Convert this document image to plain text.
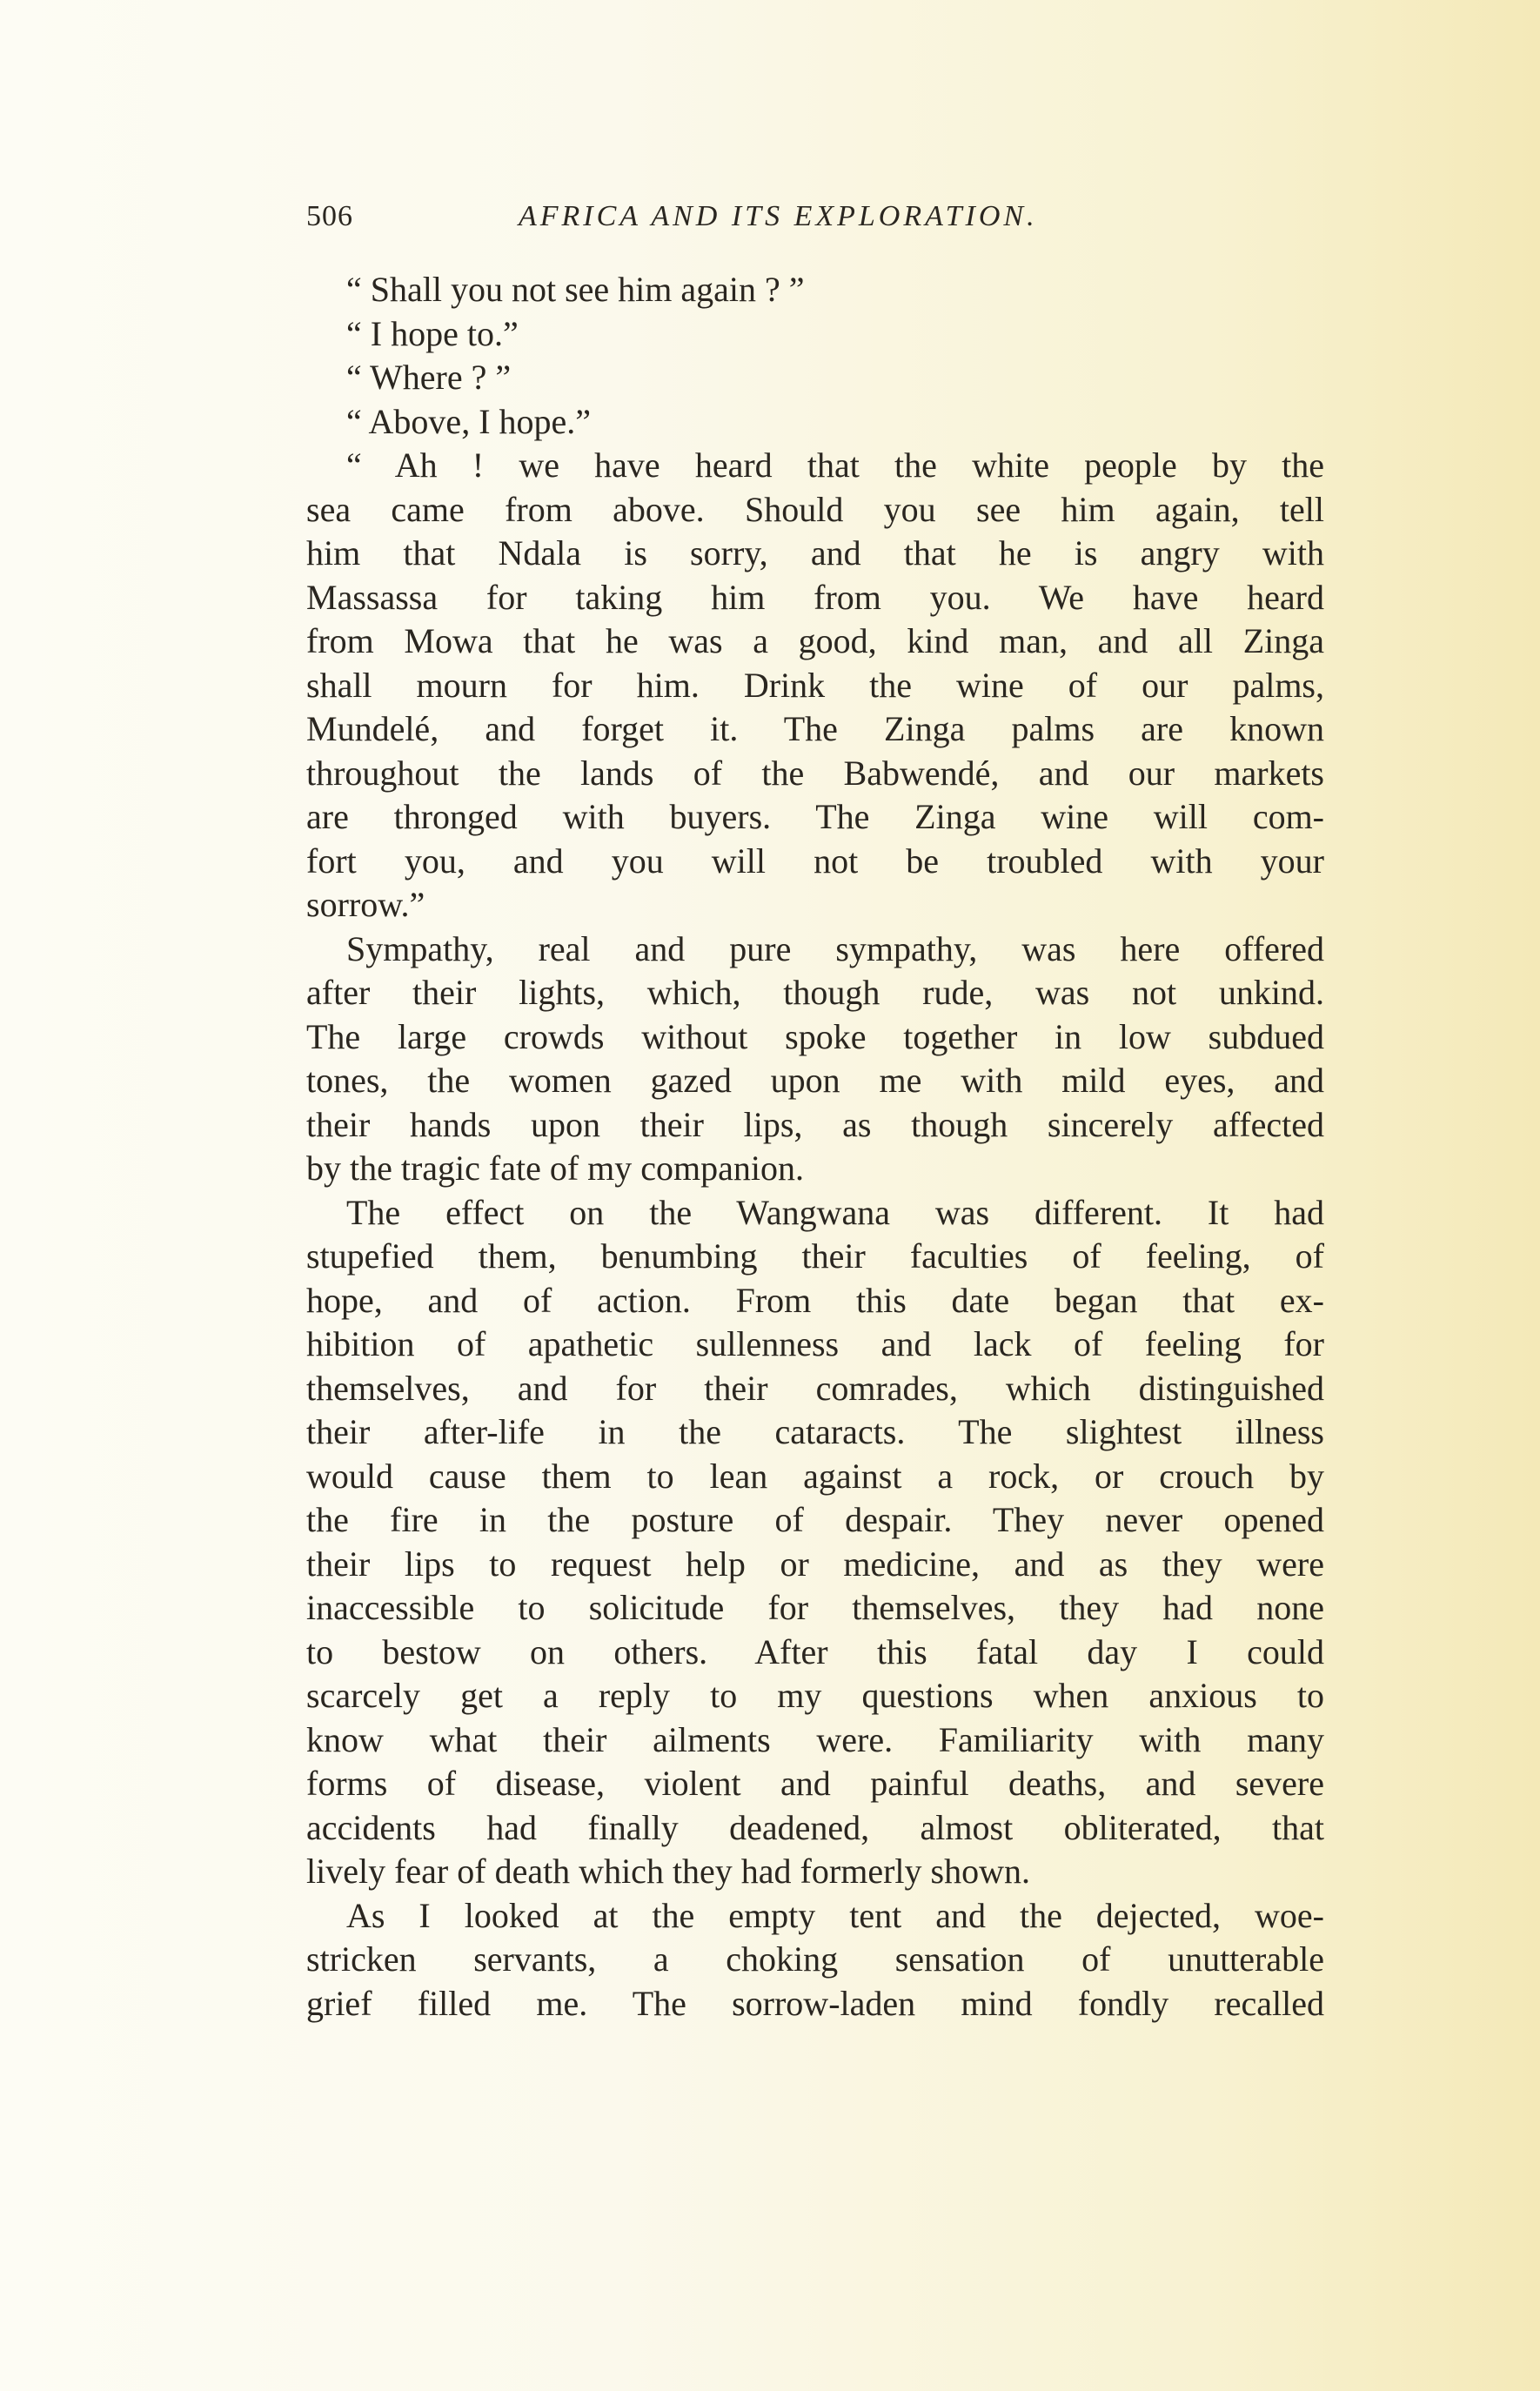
506	AFRICA AND ITS EXPLORATION.
“ Shall you not see him again ? ”
“ I hope to.”
“ Where ? ”
“ Above, I hope.”
“ Ah ! we have heard that the white people by the
sea came from above. Should you see him again, tell
him that Ndala is sorry, and that he is angry with
Massassa for taking him from you. We have heard
from Mowa that he was a good, kind man, and all Zinga
shall mourn for him. Drink the wine of our palms,
Mundelé, and forget it. The Zinga palms are known
throughout the lands of the Babwendé, and our markets
are thronged with buyers. The Zinga wine will com-
fort you, and you will not be troubled with your
sorrow.”
Sympathy, real and pure sympathy, was here offered
after their lights, which, though rude, was not unkind.
The large crowds without spoke together in low subdued
tones, the women gazed upon me with mild eyes, and
their hands upon their lips, as though sincerely affected
by the tragic fate of my companion.
The effect on the Wangwana was different. It had
stupefied them, benumbing their faculties of feeling, of
hope, and of action. From this date began that ex-
hibition of apathetic sullenness and lack of feeling for
themselves, and for their comrades, which distinguished
their after-life in the cataracts. The slightest illness
would cause them to lean against a rock, or crouch by
the fire in the posture of despair. They never opened
their lips to request help or medicine, and as they were
inaccessible to solicitude for themselves, they had none
to bestow on others. After this fatal day I could
scarcely get a reply to my questions when anxious to
know what their ailments were. Familiarity with many
forms of disease, violent and painful deaths, and severe
accidents had finally deadened, almost obliterated, that
lively fear of death which they had formerly shown.
As I looked at the empty tent and the dejected, woe-
stricken servants, a choking sensation of unutterable
grief filled me. The sorrow-laden mind fondly recalled
